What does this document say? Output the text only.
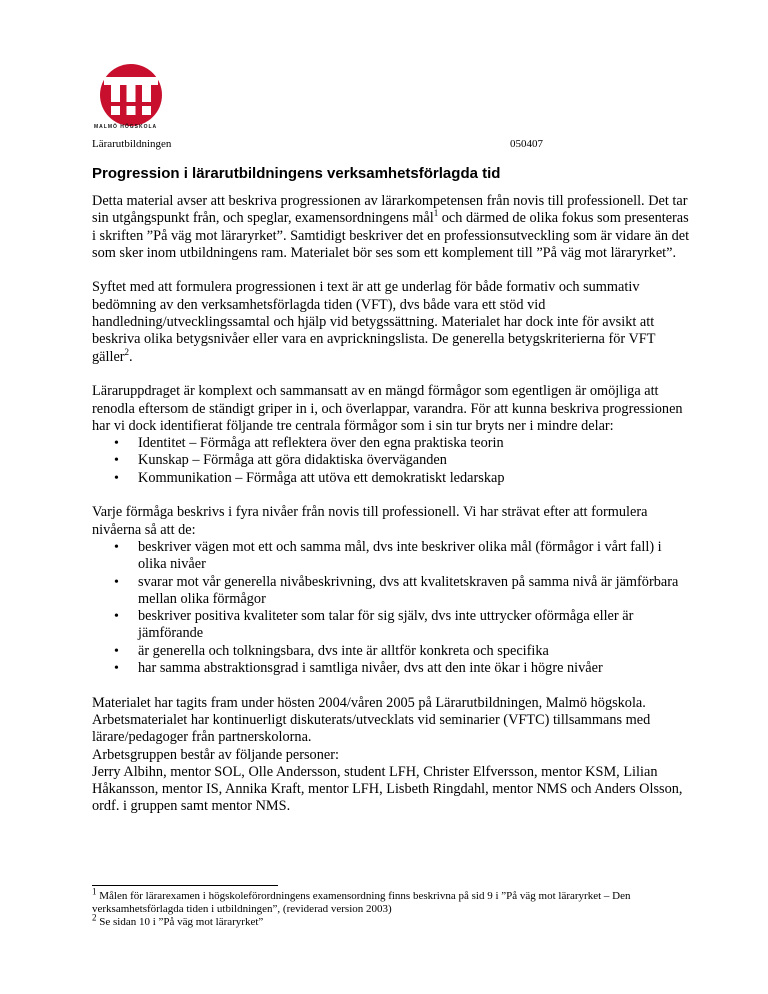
MALMÖ HÖGSKOLA
Lärarutbildningen	050407
Progression i lärarutbildningens verksamhetsförlagda tid

Detta material avser att beskriva progressionen av lärarkompetensen från novis till professionell. Det tar sin utgångspunkt från, och speglar, examensordningens mål$^1$ och därmed de olika fokus som presenteras i skriften ”På väg mot läraryrket”. Samtidigt beskriver det en professionsutveckling som är vidare än det som sker inom utbildningens ram. Materialet bör ses som ett komplement till ”På väg mot läraryrket”.

Syftet med att formulera progressionen i text är att ge underlag för både formativ och summativ bedömning av den verksamhetsförlagda tiden (VFT), dvs både vara ett stöd vid handledning/utvecklingssamtal och hjälp vid betygssättning. Materialet har dock inte för avsikt att beskriva olika betygsnivåer eller vara en avprickningslista. De generella betygskriterierna för VFT gäller$^2$.

Läraruppdraget är komplext och sammansatt av en mängd förmågor som egentligen är omöjliga att renodla eftersom de ständigt griper in i, och överlappar, varandra. För att kunna beskriva progressionen har vi dock identifierat följande tre centrala förmågor som i sin tur bryts ner i mindre delar:
• Identitet – Förmåga att reflektera över den egna praktiska teorin
• Kunskap – Förmåga att göra didaktiska överväganden
• Kommunikation – Förmåga att utöva ett demokratiskt ledarskap
Varje förmåga beskrivs i fyra nivåer från novis till professionell. Vi har strävat efter att formulera nivåerna så att de:
• beskriver vägen mot ett och samma mål, dvs inte beskriver olika mål (förmågor i vårt fall) i olika nivåer
• svarar mot vår generella nivåbeskrivning, dvs att kvalitetskraven på samma nivå är jämförbara mellan olika förmågor
• beskriver positiva kvaliteter som talar för sig själv, dvs inte uttrycker oförmåga eller är jämförande
• är generella och tolkningsbara, dvs inte är alltför konkreta och specifika
• har samma abstraktionsgrad i samtliga nivåer, dvs att den inte ökar i högre nivåer
Materialet har tagits fram under hösten 2004/våren 2005 på Lärarutbildningen, Malmö högskola. Arbetsmaterialet har kontinuerligt diskuterats/utvecklats vid seminarier (VFTC) tillsammans med lärare/pedagoger från partnerskolorna.
Arbetsgruppen består av följande personer:
Jerry Albihn, mentor SOL, Olle Andersson, student LFH, Christer Elfversson, mentor KSM, Lilian Håkansson, mentor IS, Annika Kraft, mentor LFH, Lisbeth Ringdahl, mentor NMS och Anders Olsson, ordf. i gruppen samt mentor NMS.
$^1$ Målen för lärarexamen i högskoleförordningens examensordning finns beskrivna på sid 9 i ”På väg mot läraryrket – Den verksamhetsförlagda tiden i utbildningen”, (reviderad version 2003)
$^2$ Se sidan 10 i ”På väg mot läraryrket”
